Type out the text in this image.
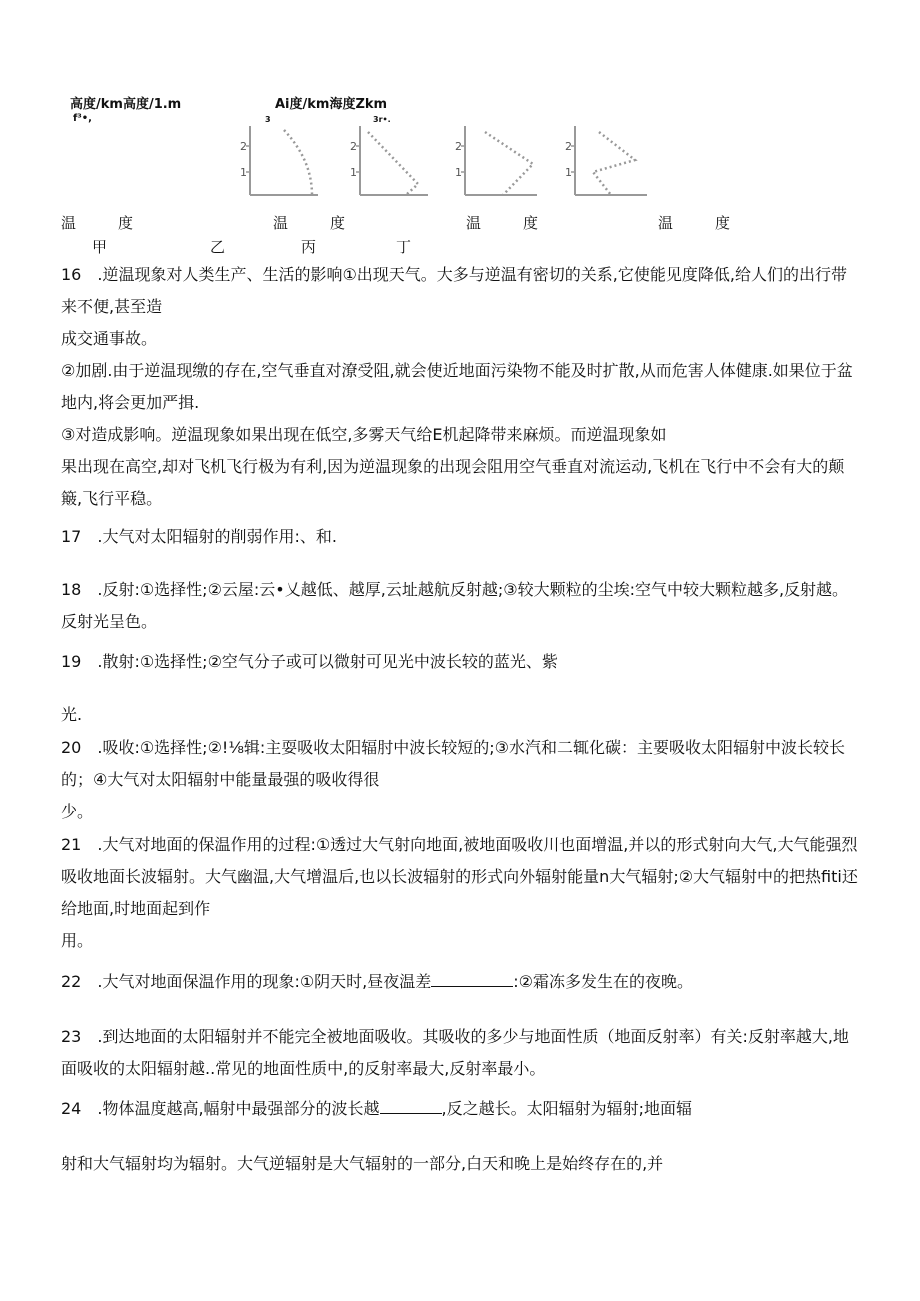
高度/km高度/1.m
f³•,
Ai度/km海度Zkm
3	3r•.
2
1
2
1
2
1
2
1
温	度	温	度	温	度	温	度
甲	乙	丙	丁

16　.逆温现象对人类生产、生活的影响①出现天气。大多与逆温有密切的关系,它使能见度降低,给人们的出行带来不便,甚至造

成交通事故。

②加剧.由于逆温现缴的存在,空气垂直对潦受阻,就会使近地面污染物不能及时扩散,从而危害人体健康.如果位于盆地内,将会更加严揖.

③对造成影响。逆温现象如果出现在低空,多雾天气给E机起降带来麻烦。而逆温现象如

果出现在高空,却对飞机飞行极为有利,因为逆温现象的出现会阻用空气垂直对流运动,飞机在飞行中不会有大的颠簸,飞行平稳。

17　.大气对太阳辐射的削弱作用:、和.

18　.反射:①选择性;②云屋:云•乂越低、越厚,云址越航反射越;③较大颗粒的尘埃:空气中较大颗粒越多,反射越。反射光呈色。

19　.散射:①选择性;②空气分子或可以微射可见光中波长较的蓝光、紫

光.

20　.吸收:①选择性;②!⅛辑:主耍吸收太阳辐肘中波长较短的;③水汽和二辄化碳：主要吸收太阳辐射中波长较长的；④大气对太阳辐射中能量最强的吸收得很

少。

21　.大气对地面的保温作用的过程:①透过大气射向地面,被地面吸收川也面增温,并以的形式射向大气,大气能强烈吸收地面长波辐射。大气幽温,大气增温后,也以长波辐射的形式向外辐射能量n大气辐射;②大气辐射中的把热fiti还给地面,时地面起到作

用。

22　.大气对地面保温作用的现象:①阴天时,昼夜温差	:②霜冻多发生在的夜晚。

23　.到达地面的太阳辐射并不能完全被地面吸收。其吸收的多少与地面性质（地面反射率）有关:反射率越大,地面吸收的太阳辐射越..常见的地面性质中,的反射率最大,反射率最小。

24　.物体温度越高,幅射中最强部分的波长越	,反之越长。太阳辐射为辐射;地面辐

射和大气辐射均为辐射。大气逆辐射是大气辐射的一部分,白天和晚上是始终存在的,并
